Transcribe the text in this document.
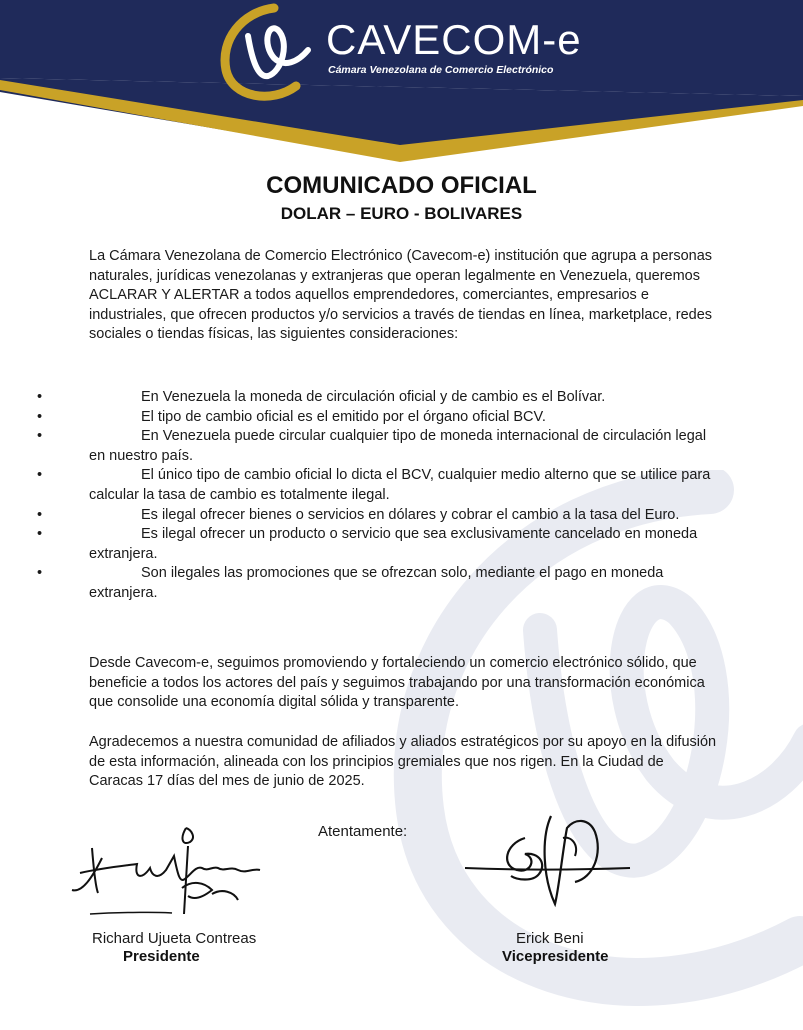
CAVECOM-e
Cámara Venezolana de Comercio Electrónico
COMUNICADO OFICIAL
DOLAR – EURO - BOLIVARES
La Cámara Venezolana de Comercio Electrónico (Cavecom-e) institución que agrupa a personas naturales, jurídicas venezolanas y extranjeras que operan legalmente en Venezuela, queremos ACLARAR Y ALERTAR a todos aquellos emprendedores, comerciantes, empresarios e industriales, que ofrecen productos y/o servicios a través de tiendas en línea, marketplace, redes sociales o tiendas físicas, las siguientes consideraciones:
• En Venezuela la moneda de circulación oficial y de cambio es el Bolívar.
• El tipo de cambio oficial es el emitido por el órgano oficial BCV.
• En Venezuela puede circular cualquier tipo de moneda internacional de circulación legal en nuestro país.
• El único tipo de cambio oficial lo dicta el BCV, cualquier medio alterno que se utilice para calcular la tasa de cambio es totalmente ilegal.
• Es ilegal ofrecer bienes o servicios en dólares y cobrar el cambio a la tasa del Euro.
• Es ilegal ofrecer un producto o servicio que sea exclusivamente cancelado en moneda extranjera.
• Son ilegales las promociones que se ofrezcan solo, mediante el pago en moneda extranjera.
Desde Cavecom-e, seguimos promoviendo y fortaleciendo un comercio electrónico sólido, que beneficie a todos los actores del país y seguimos trabajando por una transformación económica que consolide una economía digital sólida y transparente.
Agradecemos a nuestra comunidad de afiliados y aliados estratégicos por su apoyo en la difusión de esta información, alineada con los principios gremiales que nos rigen. En la Ciudad de Caracas 17 días del mes de junio de 2025.
Atentamente:
Richard Ujueta Contreas
Presidente
Erick Beni
Vicepresidente
